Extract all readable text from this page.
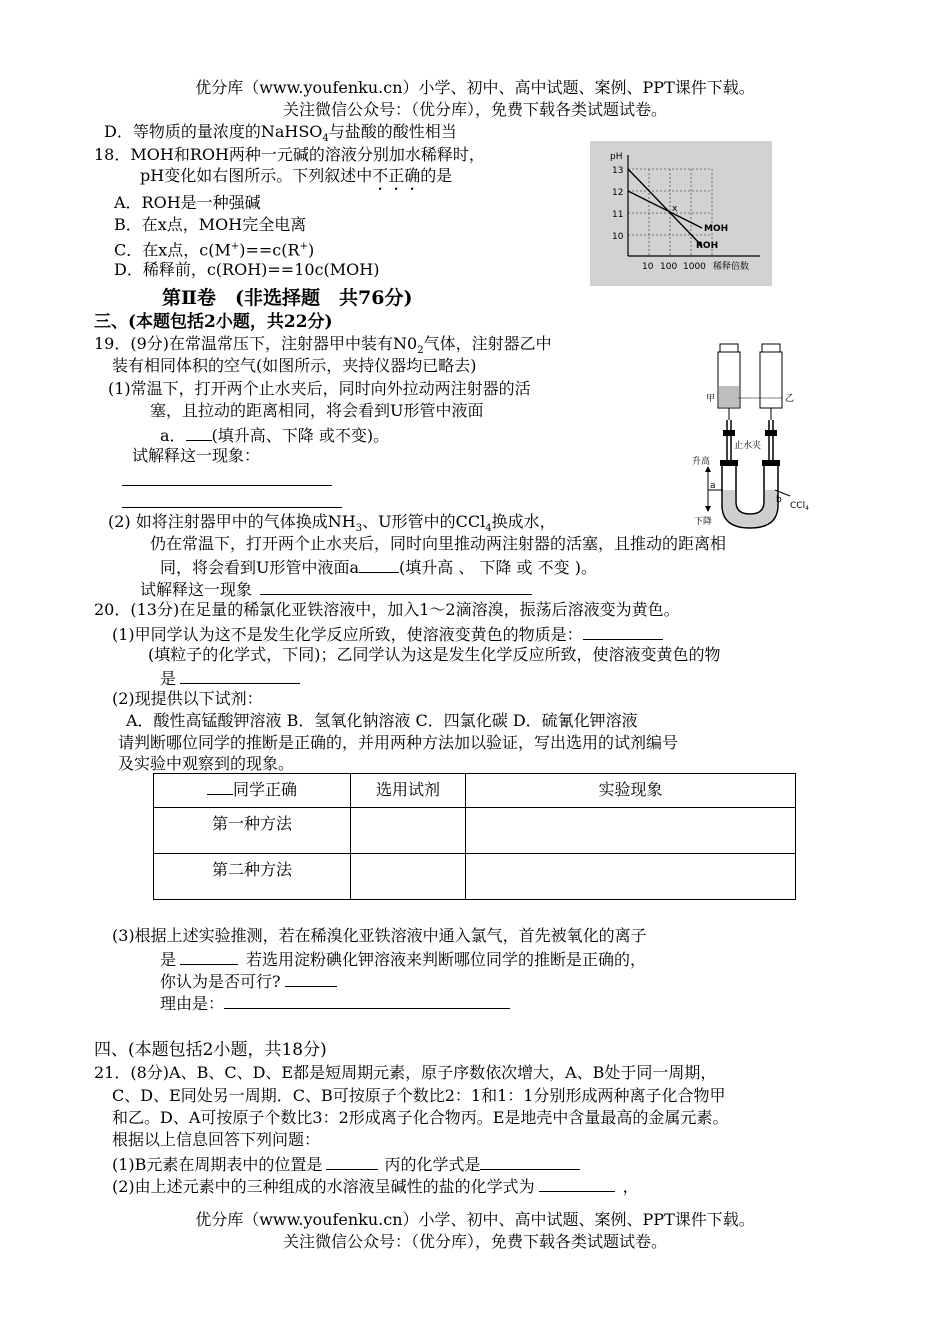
优分库（www.youfenku.cn）小学、初中、高中试题、案例、PPT课件下载。
关注微信公众号：（优分库），免费下载各类试题试卷。
D．等物质的量浓度的NaHSO$_4$与盐酸的酸性相当
18．MOH和ROH两种一元碱的溶液分别加水稀释时，
pH变化如右图所示。下列叙述中不正确的是
A．ROH是一种强碱
B．在x点，MOH完全电离
C．在x点，c(M+)==c(R+)
D．稀释前，c(ROH)==10c(MOH)
pH
13
12
11
10
10 100 1000 稀释倍数
x
MOH
ROH
第Ⅱ卷　(非选择题　共76分)
三、(本题包括2小题，共22分)
19．(9分)在常温常压下，注射器甲中装有$N0_2$气体，注射器乙中
装有相同体积的空气(如图所示，夹持仪器均已略去)
(1)常温下，打开两个止水夹后，同时向外拉动两注射器的活
塞，且拉动的距离相同，将会看到U形管中液面
a． (填升高、下降 或不变)。
试解释这一现象：
(2) 如将注射器甲中的气体换成$NH_3$、U形管中的CCl$_4$换成水，
仍在常温下，打开两个止水夹后，同时向里推动两注射器的活塞，且推动的距离相
同，将会看到U形管中液面a	(填升高 、 下降 或 不变 )。
试解释这一现象
甲	乙
止水夹
升高
a
下降
b
CCl$_4$
20．(13分)在足量的稀氯化亚铁溶液中，加入1～2滴溶溴，振荡后溶液变为黄色。
(1)甲同学认为这不是发生化学反应所致，使溶液变黄色的物质是：
(填粒子的化学式，下同)；乙同学认为这是发生化学反应所致，使溶液变黄色的物
是
(2)现提供以下试剂：
A．酸性高锰酸钾溶液 B．氢氧化钠溶液 C．四氯化碳 D．硫氰化钾溶液
请判断哪位同学的推断是正确的，并用两种方法加以验证，写出选用的试剂编号
及实验中观察到的现象。
同学正确	选用试剂	实验现象
第一种方法		
第二种方法		
(3)根据上述实验推测，若在稀溴化亚铁溶液中通入氯气，首先被氧化的离子
是	若选用淀粉碘化钾溶液来判断哪位同学的推断是正确的，
你认为是否可行?
理由是：
四、(本题包括2小题，共18分)
21．(8分)A、B、C、D、E都是短周期元素，原子序数依次增大，A、B处于同一周期，
C、D、E同处另一周期．C、B可按原子个数比2：1和1：1分别形成两种离子化合物甲
和乙。D、A可按原子个数比3：2形成离子化合物丙。E是地壳中含量最高的金属元素。
根据以上信息回答下列问题：
(1)B元素在周期表中的位置是	丙的化学式是
(2)由上述元素中的三种组成的水溶液呈碱性的盐的化学式为	，
优分库（www.youfenku.cn）小学、初中、高中试题、案例、PPT课件下载。
关注微信公众号：（优分库），免费下载各类试题试卷。
